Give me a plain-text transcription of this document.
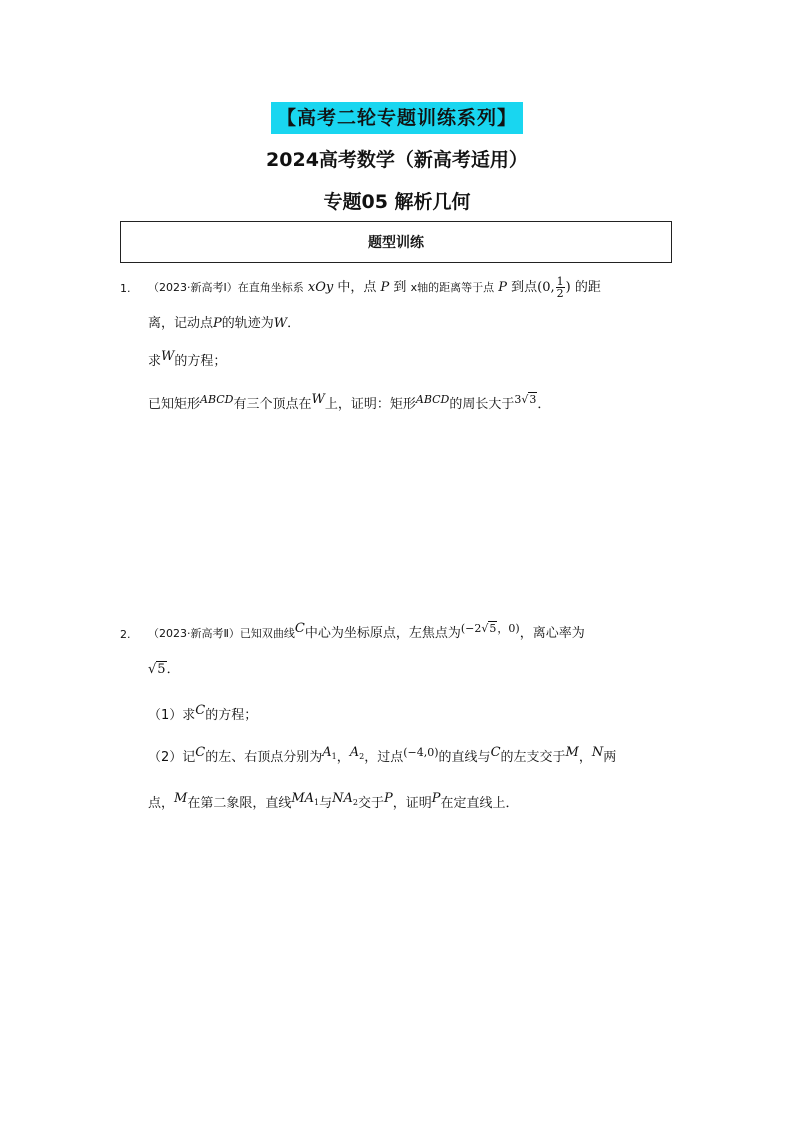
【高考二轮专题训练系列】
2024高考数学（新高考适用）
专题05 解析几何
题型训练
1. （2023·新高考Ⅰ）在直角坐标系 xOy 中，点 P 到 x轴的距离等于点 P 到点(0, $\frac{1}{2}$ ) 的距
离，记动点P的轨迹为W．
求W的方程；
已知矩形$^{ABCD}$有三个顶点在W上，证明：矩形$^{ABCD}$的周长大于$^{3√3}$．
2. （2023·新高考Ⅱ）已知双曲线C中心为坐标原点，左焦点为$^{(-2√5,0)}$，离心率为
√5．
（1）求C的方程；
（2）记C的左、右顶点分别为$A_1$，$A_2$，过点$^{(-4,0)}$的直线与C的左支交于M，N两
点，M在第二象限，直线$MA_1$与$NA_2$交于P，证明P在定直线上．
